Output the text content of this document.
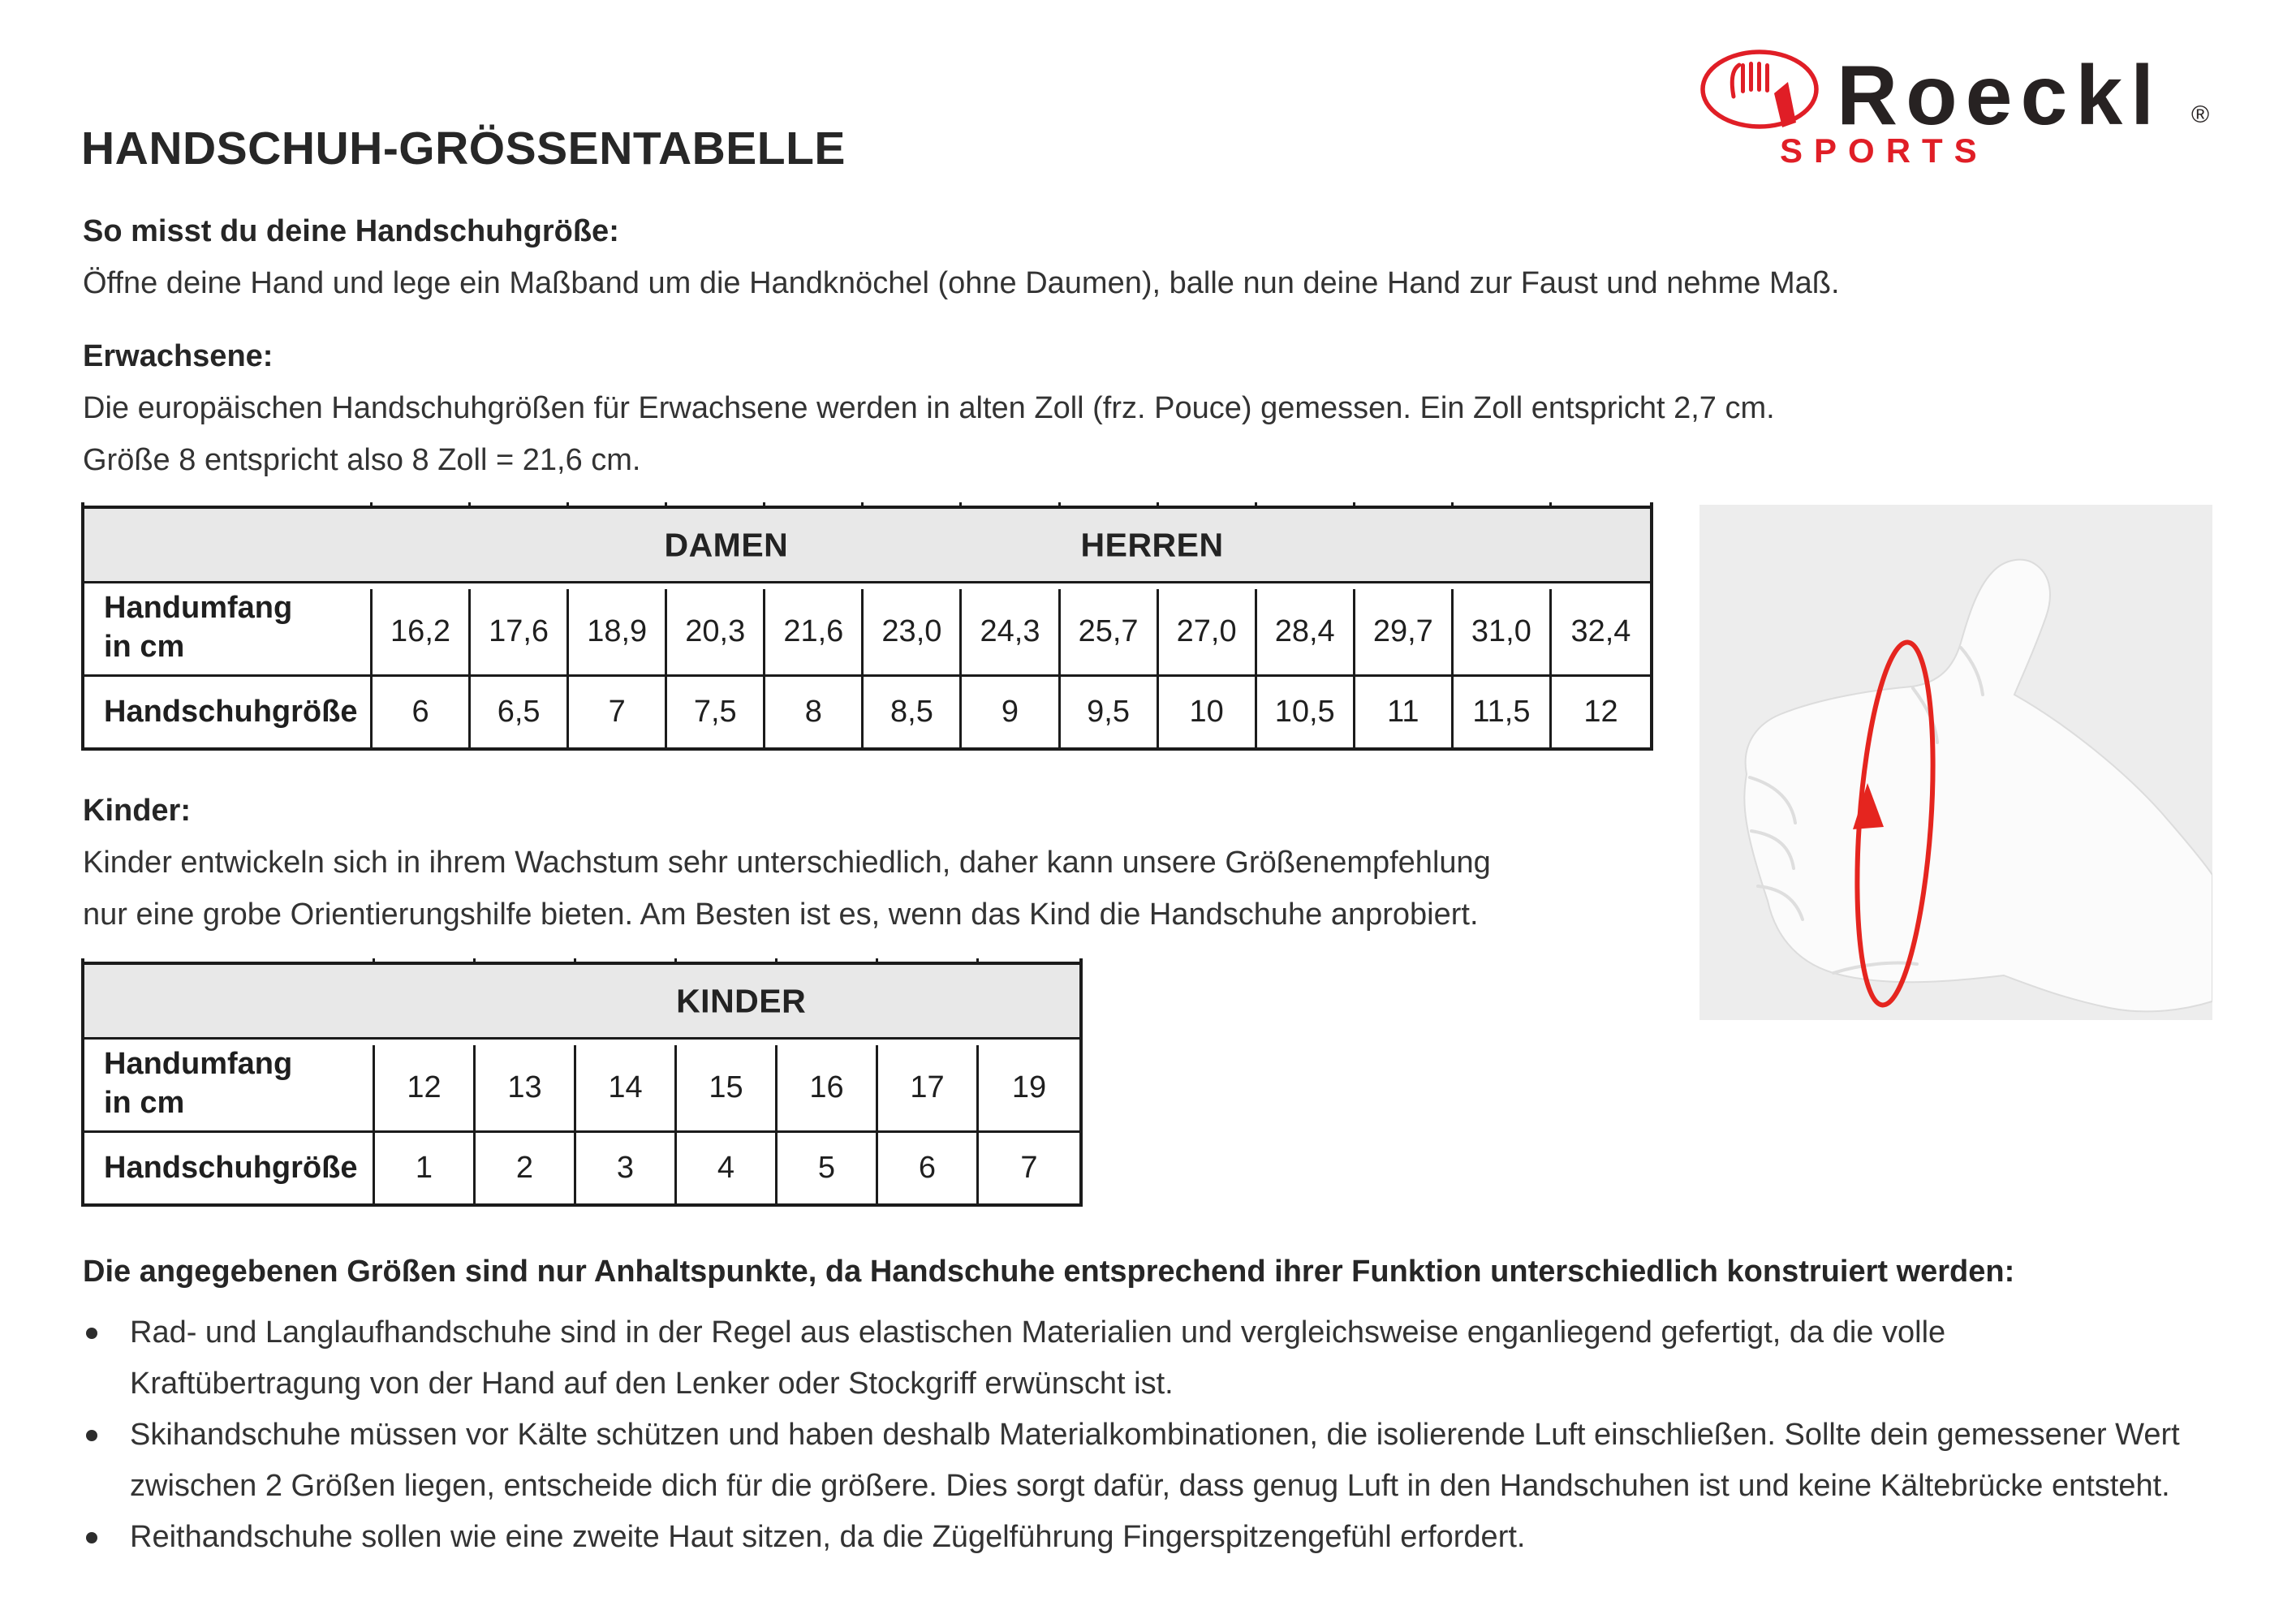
HANDSCHUH-GRÖSSENTABELLE
Roeckl ®
SPORTS
So misst du deine Handschuhgröße:
Öffne deine Hand und lege ein Maßband um die Handknöchel (ohne Daumen), balle nun deine Hand zur Faust und nehme Maß.
Erwachsene:
Die europäischen Handschuhgrößen für Erwachsene werden in alten Zoll (frz. Pouce) gemessen. Ein Zoll entspricht 2,7 cm.
Größe 8 entspricht also 8 Zoll = 21,6 cm.
DAMEN	HERREN
Handumfang
in cm	16,2	17,6	18,9	20,3	21,6	23,0	24,3	25,7	27,0	28,4	29,7	31,0	32,4
Handschuhgröße	6	6,5	7	7,5	8	8,5	9	9,5	10	10,5	11	11,5	12
Kinder:
Kinder entwickeln sich in ihrem Wachstum sehr unterschiedlich, daher kann unsere Größenempfehlung
nur eine grobe Orientierungshilfe bieten. Am Besten ist es, wenn das Kind die Handschuhe anprobiert.
KINDER
Handumfang
in cm	12	13	14	15	16	17	19
Handschuhgröße	1	2	3	4	5	6	7
Die angegebenen Größen sind nur Anhaltspunkte, da Handschuhe entsprechend ihrer Funktion unterschiedlich konstruiert werden:
Rad- und Langlaufhandschuhe sind in der Regel aus elastischen Materialien und vergleichsweise enganliegend gefertigt, da die volle
Kraftübertragung von der Hand auf den Lenker oder Stockgriff erwünscht ist.
Skihandschuhe müssen vor Kälte schützen und haben deshalb Materialkombinationen, die isolierende Luft einschließen. Sollte dein gemessener Wert
zwischen 2 Größen liegen, entscheide dich für die größere. Dies sorgt dafür, dass genug Luft in den Handschuhen ist und keine Kältebrücke entsteht.
Reithandschuhe sollen wie eine zweite Haut sitzen, da die Zügelführung Fingerspitzengefühl erfordert.
